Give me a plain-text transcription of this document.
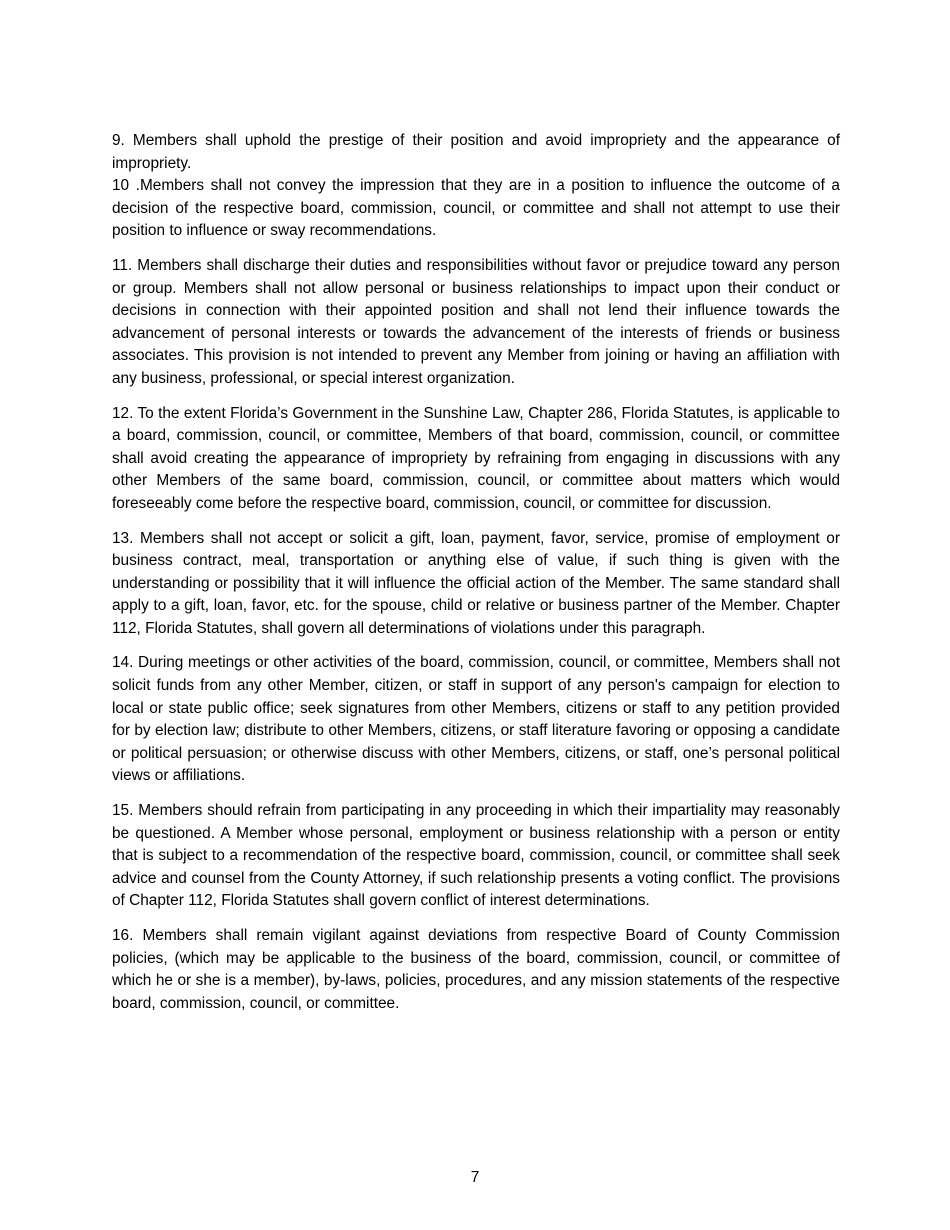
9. Members shall uphold the prestige of their position and avoid impropriety and the appearance of impropriety.

10 .Members shall not convey the impression that they are in a position to influence the outcome of a decision of the respective board, commission, council, or committee and shall not attempt to use their position to influence or sway recommendations.

11. Members shall discharge their duties and responsibilities without favor or prejudice toward any person or group. Members shall not allow personal or business relationships to impact upon their conduct or decisions in connection with their appointed position and shall not lend their influence towards the advancement of personal interests or towards the advancement of the interests of friends or business associates. This provision is not intended to prevent any Member from joining or having an affiliation with any business, professional, or special interest organization.

12. To the extent Florida’s Government in the Sunshine Law, Chapter 286, Florida Statutes, is applicable to a board, commission, council, or committee, Members of that board, commission, council, or committee shall avoid creating the appearance of impropriety by refraining from engaging in discussions with any other Members of the same board, commission, council, or committee about matters which would foreseeably come before the respective board, commission, council, or committee for discussion.

13. Members shall not accept or solicit a gift, loan, payment, favor, service, promise of employment or business contract, meal, transportation or anything else of value, if such thing is given with the understanding or possibility that it will influence the official action of the Member. The same standard shall apply to a gift, loan, favor, etc. for the spouse, child or relative or business partner of the Member. Chapter 112, Florida Statutes, shall govern all determinations of violations under this paragraph.

14. During meetings or other activities of the board, commission, council, or committee, Members shall not solicit funds from any other Member, citizen, or staff in support of any person's campaign for election to local or state public office; seek signatures from other Members, citizens or staff to any petition provided for by election law; distribute to other Members, citizens, or staff literature favoring or opposing a candidate or political persuasion; or otherwise discuss with other Members, citizens, or staff, one’s personal political views or affiliations.

15. Members should refrain from participating in any proceeding in which their impartiality may reasonably be questioned. A Member whose personal, employment or business relationship with a person or entity that is subject to a recommendation of the respective board, commission, council, or committee shall seek advice and counsel from the County Attorney, if such relationship presents a voting conflict. The provisions of Chapter 112, Florida Statutes shall govern conflict of interest determinations.

16. Members shall remain vigilant against deviations from respective Board of County Commission policies, (which may be applicable to the business of the board, commission, council, or committee of which he or she is a member), by-laws, policies, procedures, and any mission statements of the respective board, commission, council, or committee.

7
